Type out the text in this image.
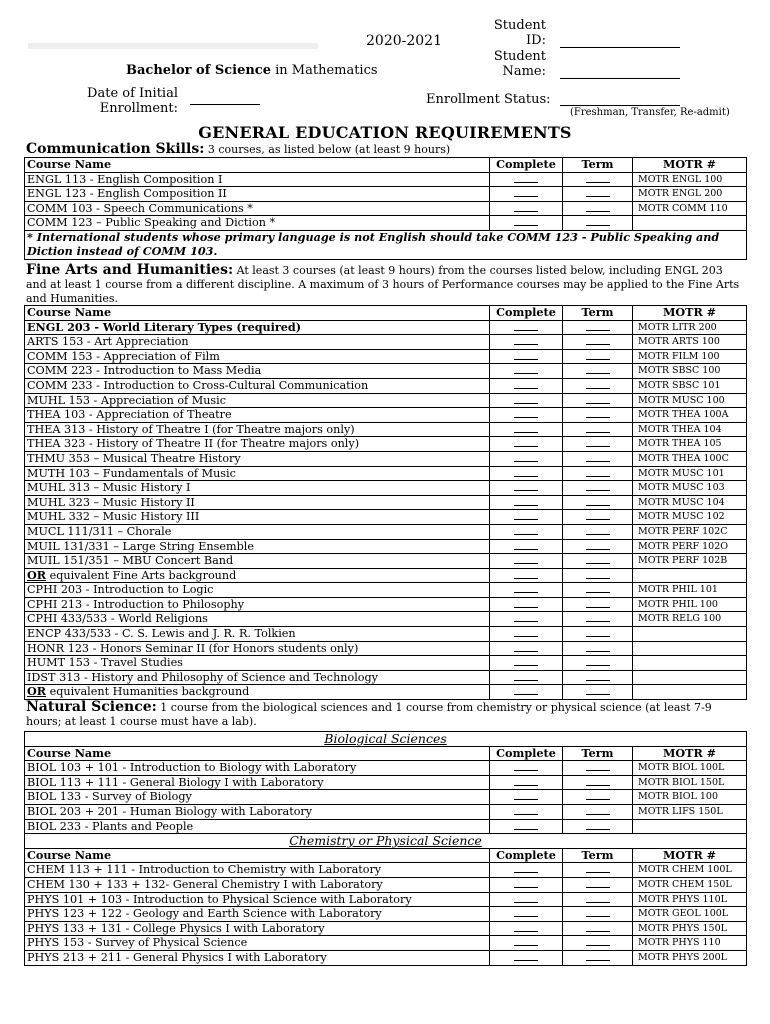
2020-2021
Student ID:
Student Name:
Bachelor of Science in Mathematics
Date of Initial Enrollment:
Enrollment Status:
(Freshman, Transfer, Re-admit)
GENERAL EDUCATION REQUIREMENTS
Communication Skills: 3 courses, as listed below (at least 9 hours)
Course Name	Complete	Term	MOTR #
ENGL 113 - English Composition I			MOTR ENGL 100
ENGL 123 - English Composition II			MOTR ENGL 200
COMM 103 - Speech Communications *			MOTR COMM 110
COMM 123 – Public Speaking and Diction *			
* International students whose primary language is not English should take COMM 123 - Public Speaking and Diction instead of COMM 103.			
Fine Arts and Humanities: At least 3 courses (at least 9 hours) from the courses listed below, including ENGL 203 and at least 1 course from a different discipline. A maximum of 3 hours of Performance courses may be applied to the Fine Arts and Humanities.
Course Name	Complete	Term	MOTR #
ENGL 203 - World Literary Types (required)			MOTR LITR 200
ARTS 153 - Art Appreciation			MOTR ARTS 100
COMM 153 - Appreciation of Film			MOTR FILM 100
COMM 223 - Introduction to Mass Media			MOTR SBSC 100
COMM 233 - Introduction to Cross-Cultural Communication			MOTR SBSC 101
MUHL 153 - Appreciation of Music			MOTR MUSC 100
THEA 103 - Appreciation of Theatre			MOTR THEA 100A
THEA 313 - History of Theatre I (for Theatre majors only)			MOTR THEA 104
THEA 323 - History of Theatre II (for Theatre majors only)			MOTR THEA 105
THMU 353 – Musical Theatre History			MOTR THEA 100C
MUTH 103 – Fundamentals of Music			MOTR MUSC 101
MUHL 313 – Music History I			MOTR MUSC 103
MUHL 323 – Music History II			MOTR MUSC 104
MUHL 332 – Music History III			MOTR MUSC 102
MUCL 111/311 – Chorale			MOTR PERF 102C
MUIL 131/331 – Large String Ensemble			MOTR PERF 102O
MUIL 151/351 – MBU Concert Band			MOTR PERF 102B
OR equivalent Fine Arts background			
CPHI 203 - Introduction to Logic			MOTR PHIL 101
CPHI 213 - Introduction to Philosophy			MOTR PHIL 100
CPHI 433/533 - World Religions			MOTR RELG 100
ENCP 433/533 - C. S. Lewis and J. R. R. Tolkien			
HONR 123 - Honors Seminar II (for Honors students only)			
HUMT 153 - Travel Studies			
IDST 313 - History and Philosophy of Science and Technology			
OR equivalent Humanities background			
Natural Science: 1 course from the biological sciences and 1 course from chemistry or physical science (at least 7-9 hours; at least 1 course must have a lab).
Biological Sciences			
Course Name	Complete	Term	MOTR #
BIOL 103 + 101 - Introduction to Biology with Laboratory			MOTR BIOL 100L
BIOL 113 + 111 - General Biology I with Laboratory			MOTR BIOL 150L
BIOL 133 - Survey of Biology			MOTR BIOL 100
BIOL 203 + 201 - Human Biology with Laboratory			MOTR LIFS 150L
BIOL 233 - Plants and People			
Chemistry or Physical Science			
Course Name	Complete	Term	MOTR #
CHEM 113 + 111 - Introduction to Chemistry with Laboratory			MOTR CHEM 100L
CHEM 130 + 133 + 132- General Chemistry I with Laboratory			MOTR CHEM 150L
PHYS 101 + 103 - Introduction to Physical Science with Laboratory			MOTR PHYS 110L
PHYS 123 + 122 - Geology and Earth Science with Laboratory			MOTR GEOL 100L
PHYS 133 + 131 - College Physics I with Laboratory			MOTR PHYS 150L
PHYS 153 - Survey of Physical Science			MOTR PHYS 110
PHYS 213 + 211 - General Physics I with Laboratory			MOTR PHYS 200L
